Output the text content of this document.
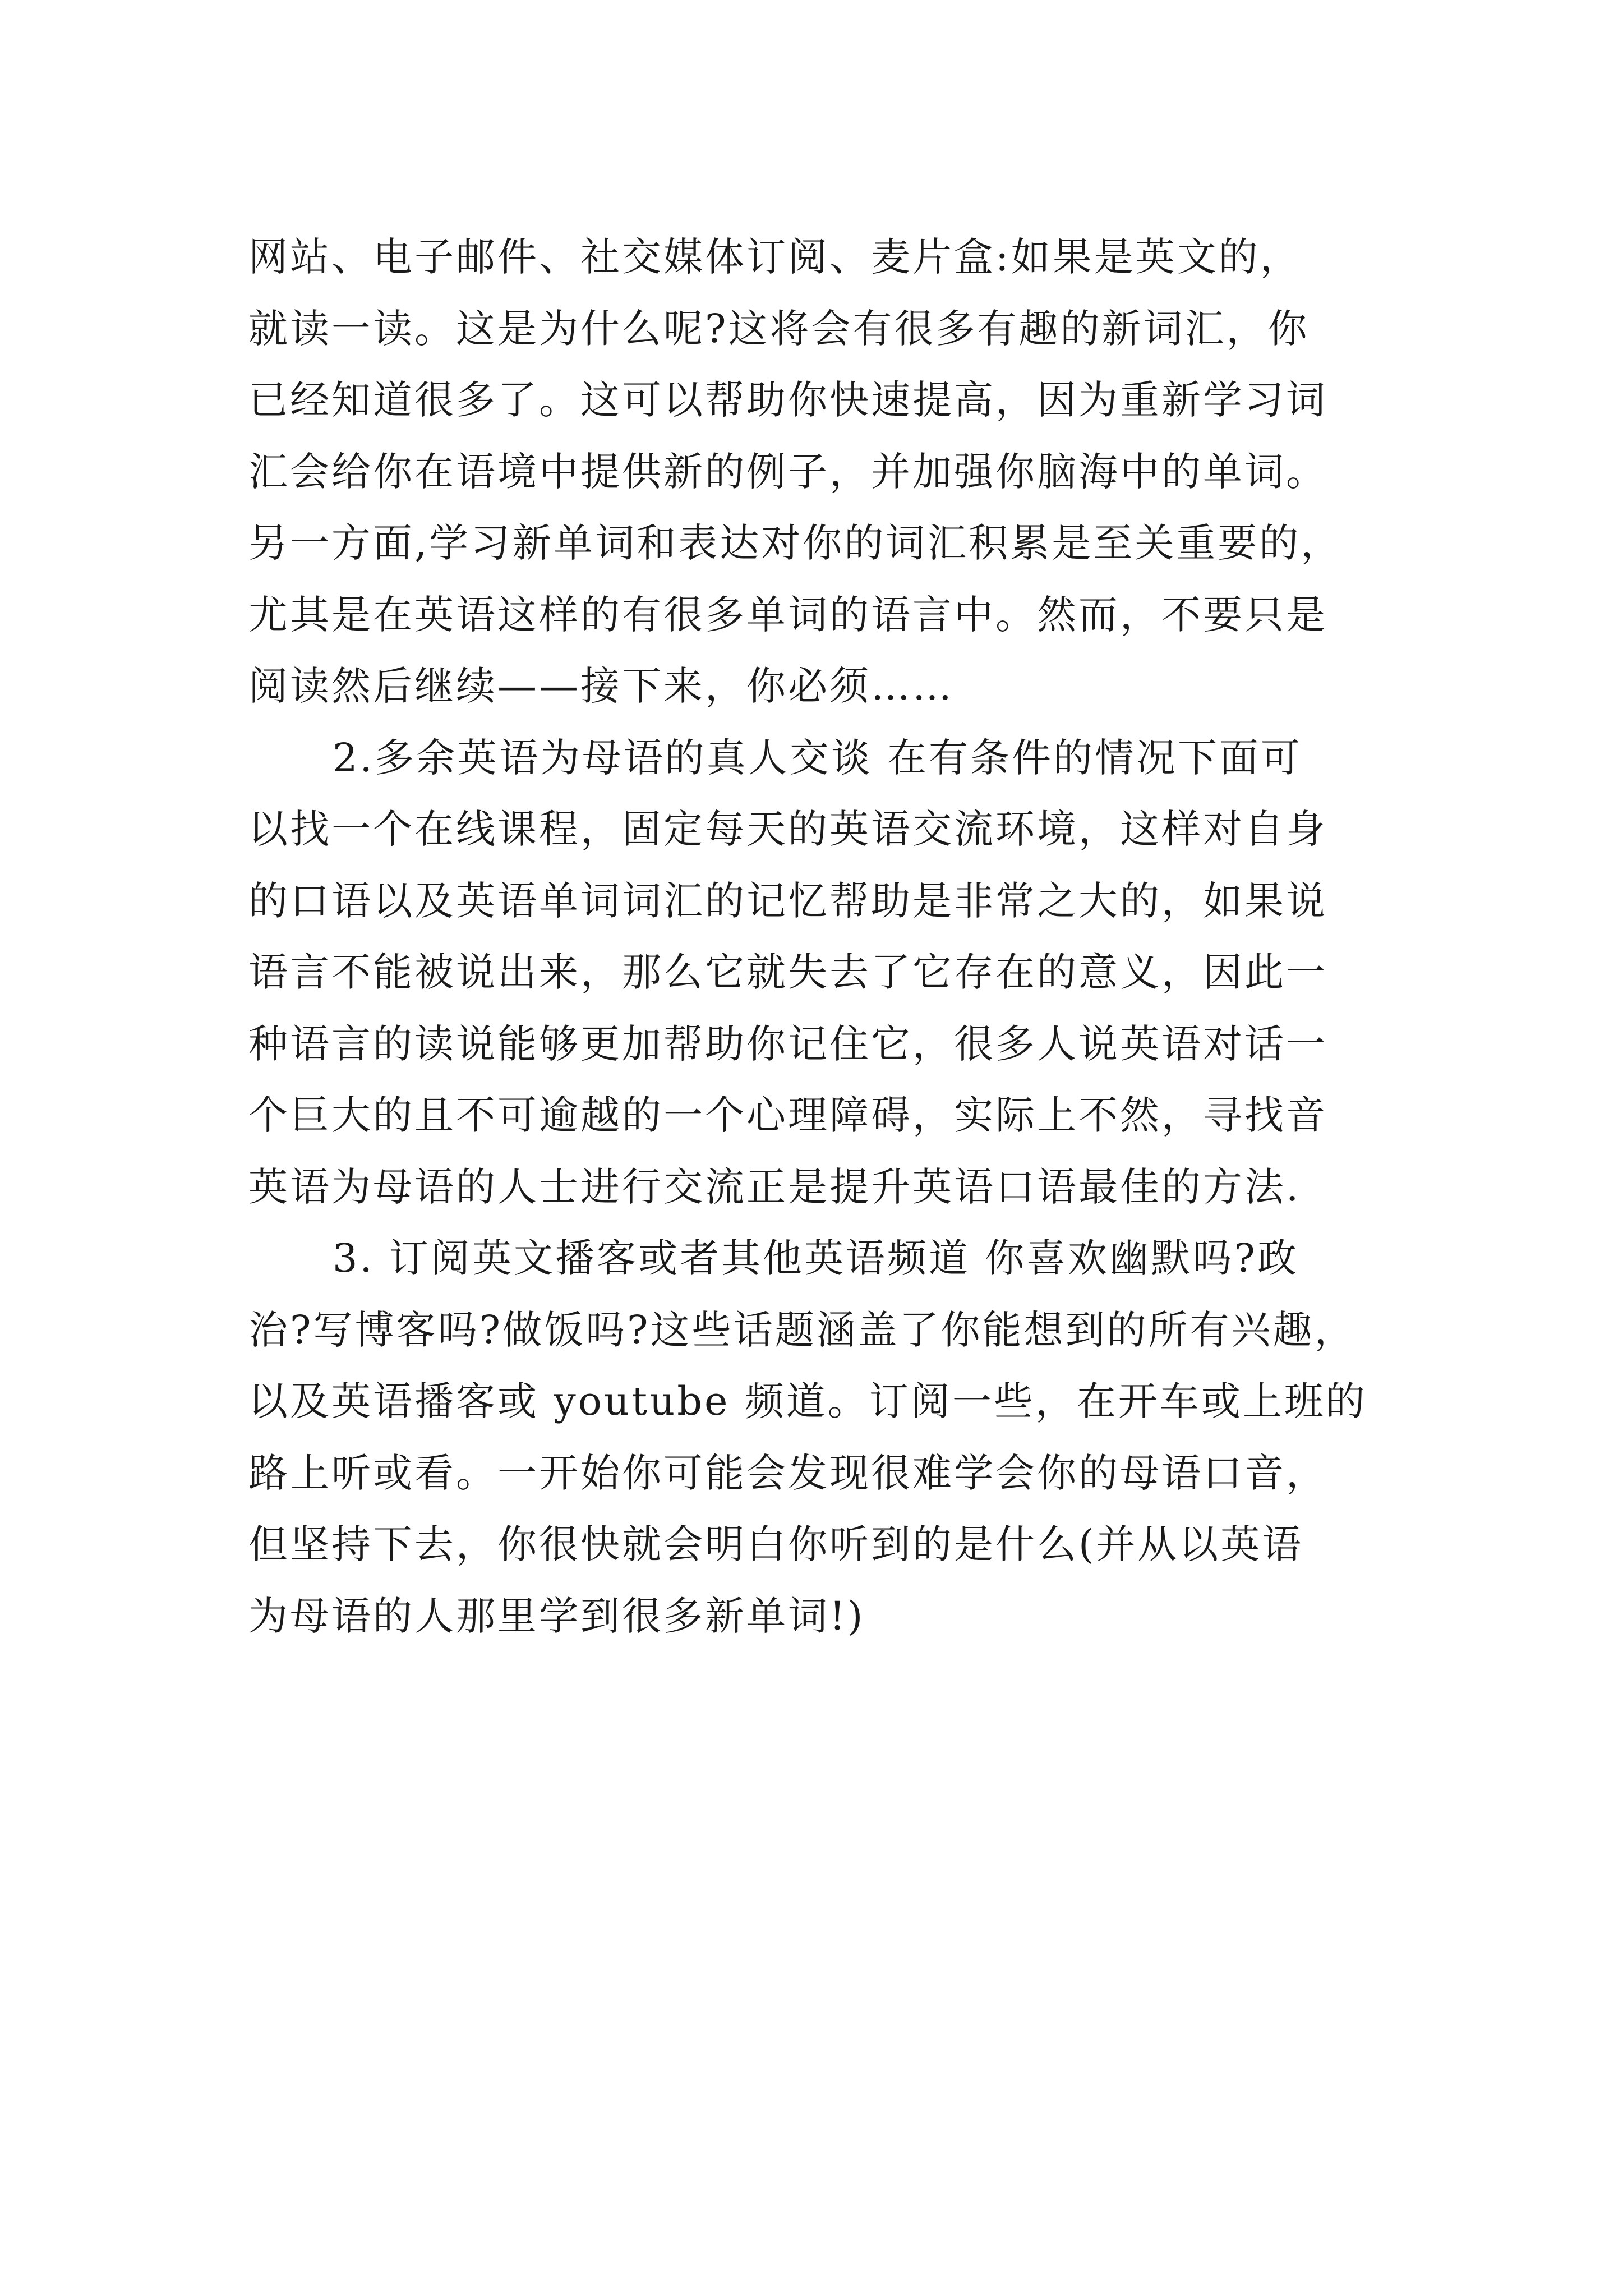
网站、电子邮件、社交媒体订阅、麦片盒:如果是英文的，
就读一读。这是为什么呢?这将会有很多有趣的新词汇，你
已经知道很多了。这可以帮助你快速提高，因为重新学习词
汇会给你在语境中提供新的例子，并加强你脑海中的单词。
另一方面,学习新单词和表达对你的词汇积累是至关重要的，
尤其是在英语这样的有很多单词的语言中。然而，不要只是
阅读然后继续——接下来，你必须……
2.多余英语为母语的真人交谈 在有条件的情况下面可
以找一个在线课程，固定每天的英语交流环境，这样对自身
的口语以及英语单词词汇的记忆帮助是非常之大的，如果说
语言不能被说出来，那么它就失去了它存在的意义，因此一
种语言的读说能够更加帮助你记住它，很多人说英语对话一
个巨大的且不可逾越的一个心理障碍，实际上不然，寻找音
英语为母语的人士进行交流正是提升英语口语最佳的方法.
3. 订阅英文播客或者其他英语频道 你喜欢幽默吗?政
治?写博客吗?做饭吗?这些话题涵盖了你能想到的所有兴趣，
以及英语播客或 youtube 频道。订阅一些，在开车或上班的
路上听或看。一开始你可能会发现很难学会你的母语口音，
但坚持下去，你很快就会明白你听到的是什么(并从以英语
为母语的人那里学到很多新单词!)
